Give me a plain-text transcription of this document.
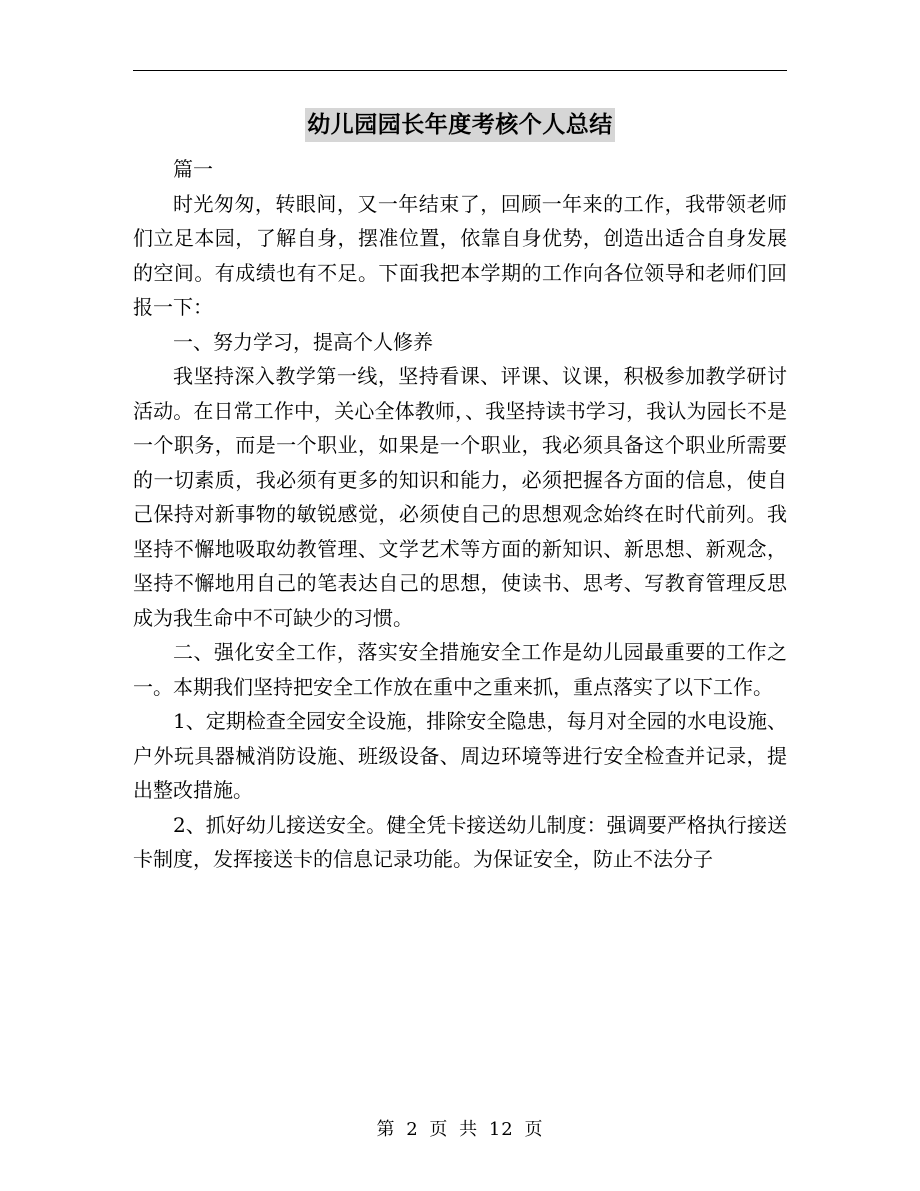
幼儿园园长年度考核个人总结

篇一

时光匆匆，转眼间，又一年结束了，回顾一年来的工作，我带领老师们立足本园，了解自身，摆准位置，依靠自身优势，创造出适合自身发展的空间。有成绩也有不足。下面我把本学期的工作向各位领导和老师们回报一下：

一、努力学习，提高个人修养

我坚持深入教学第一线，坚持看课、评课、议课，积极参加教学研讨活动。在日常工作中，关心全体教师，、我坚持读书学习，我认为园长不是一个职务，而是一个职业，如果是一个职业，我必须具备这个职业所需要的一切素质，我必须有更多的知识和能力，必须把握各方面的信息，使自己保持对新事物的敏锐感觉，必须使自己的思想观念始终在时代前列。我坚持不懈地吸取幼教管理、文学艺术等方面的新知识、新思想、新观念，坚持不懈地用自己的笔表达自己的思想，使读书、思考、写教育管理反思成为我生命中不可缺少的习惯。

二、强化安全工作，落实安全措施安全工作是幼儿园最重要的工作之一。本期我们坚持把安全工作放在重中之重来抓，重点落实了以下工作。

1、定期检查全园安全设施，排除安全隐患，每月对全园的水电设施、户外玩具器械消防设施、班级设备、周边环境等进行安全检查并记录，提出整改措施。

2、抓好幼儿接送安全。健全凭卡接送幼儿制度：强调要严格执行接送卡制度，发挥接送卡的信息记录功能。为保证安全，防止不法分子

第 2 页 共 12 页
